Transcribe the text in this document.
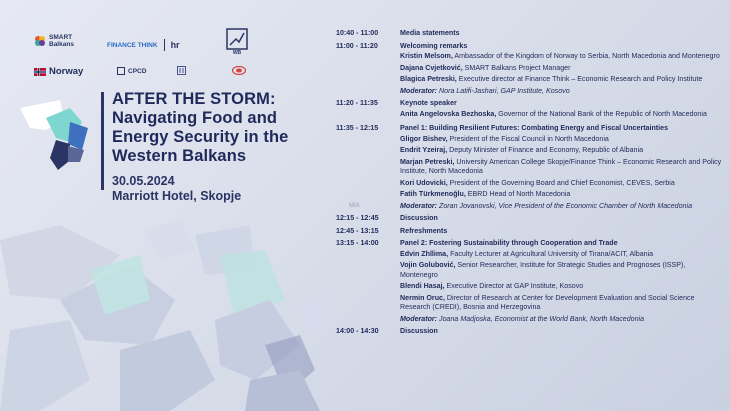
SMART Balkans	FINANCE THINK hr
WB
Norway	CPCD
AFTER THE STORM:
Navigating Food and
Energy Security in the
Western Balkans
30.05.2024
Marriott Hotel, Skopje
MIA
10:40 - 11:00	Media statements
11:00 - 11:20	Welcoming remarks
Kristin Melsom, Ambassador of the Kingdom of Norway to Serbia, North Macedonia and Montenegro
Dajana Cvjetković, SMART Balkans Project Manager
Blagica Petreski, Executive director at Finance Think – Economic Research and Policy Institute
Moderator: Nora Latifi-Jashari, GAP Institute, Kosovo
11:20 - 11:35	Keynote speaker
Anita Angelovska Bezhoska, Governor of the National Bank of the Republic of North Macedonia
11:35 - 12:15	Panel 1: Building Resilient Futures: Combating Energy and Fiscal Uncertainties
Gligor Bishev, President of the Fiscal Council in North Macedonia
Endrit Yzeiraj, Deputy Minister of Finance and Economy, Republic of Albania
Marjan Petreski, University American College Skopje/Finance Think – Economic Research and Policy Institute, North Macedonia
Kori Udovicki, President of the Governing Board and Chief Economist, CEVES, Serbia
Fatih Türkmenoğlu, EBRD Head of North Macedonia
Moderator: Zoran Jovanovski, Vice President of the Economic Chamber of North Macedonia
12:15 - 12:45	Discussion
12:45 - 13:15	Refreshments
13:15 - 14:00	Panel 2: Fostering Sustainability through Cooperation and Trade
Edvin Zhllima, Faculty Lecturer at Agricultural University of Tirana/ACIT, Albania
Vojin Golubović, Senior Researcher, Institute for Strategic Studies and Prognoses (ISSP), Montenegro
Blendi Hasaj, Executive Director at GAP Institute, Kosovo
Nermin Oruc, Director of Research at Center for Development Evaluation and Social Science Research (CREDI), Bosnia and Herzegovina
Moderator: Joana Madjoska, Economist at the World Bank, North Macedonia
14:00 - 14:30	Discussion
